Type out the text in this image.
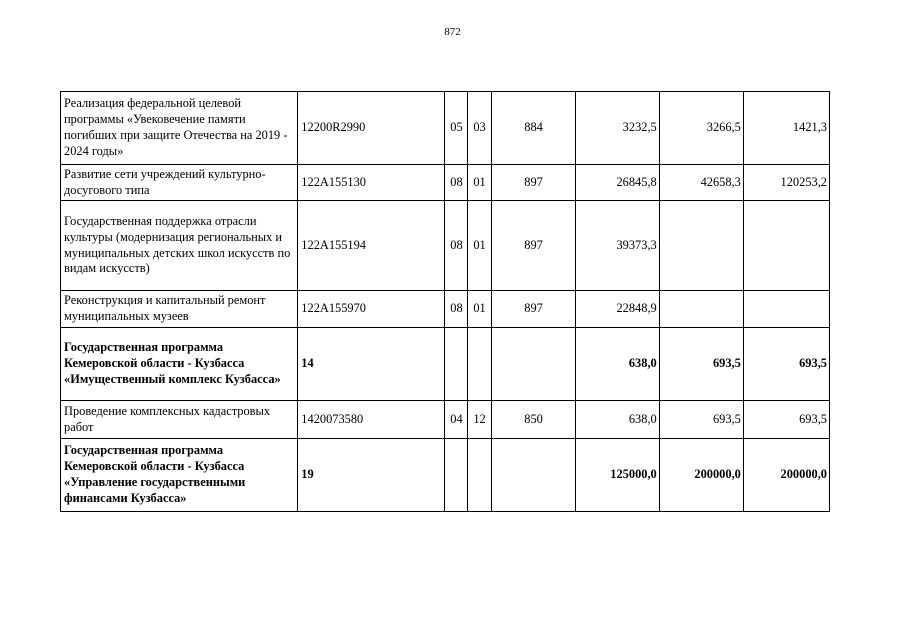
872
Реализация федеральной целевой программы «Увековечение памяти погибших при защите Отечества на 2019 - 2024 годы»	12200R2990	05	03	884	3232,5	3266,5	1421,3
Развитие сети учреждений культурно-досугового типа	122A155130	08	01	897	26845,8	42658,3	120253,2
Государственная поддержка отрасли культуры (модернизация региональных и муниципальных детских школ искусств по видам искусств)	122A155194	08	01	897	39373,3		
Реконструкция и капитальный ремонт муниципальных музеев	122A155970	08	01	897	22848,9		
Государственная программа Кемеровской области - Кузбасса «Имущественный комплекс Кузбасса»	14				638,0	693,5	693,5
Проведение комплексных кадастровых работ	1420073580	04	12	850	638,0	693,5	693,5
Государственная программа Кемеровской области - Кузбасса «Управление государственными финансами Кузбасса»	19				125000,0	200000,0	200000,0
